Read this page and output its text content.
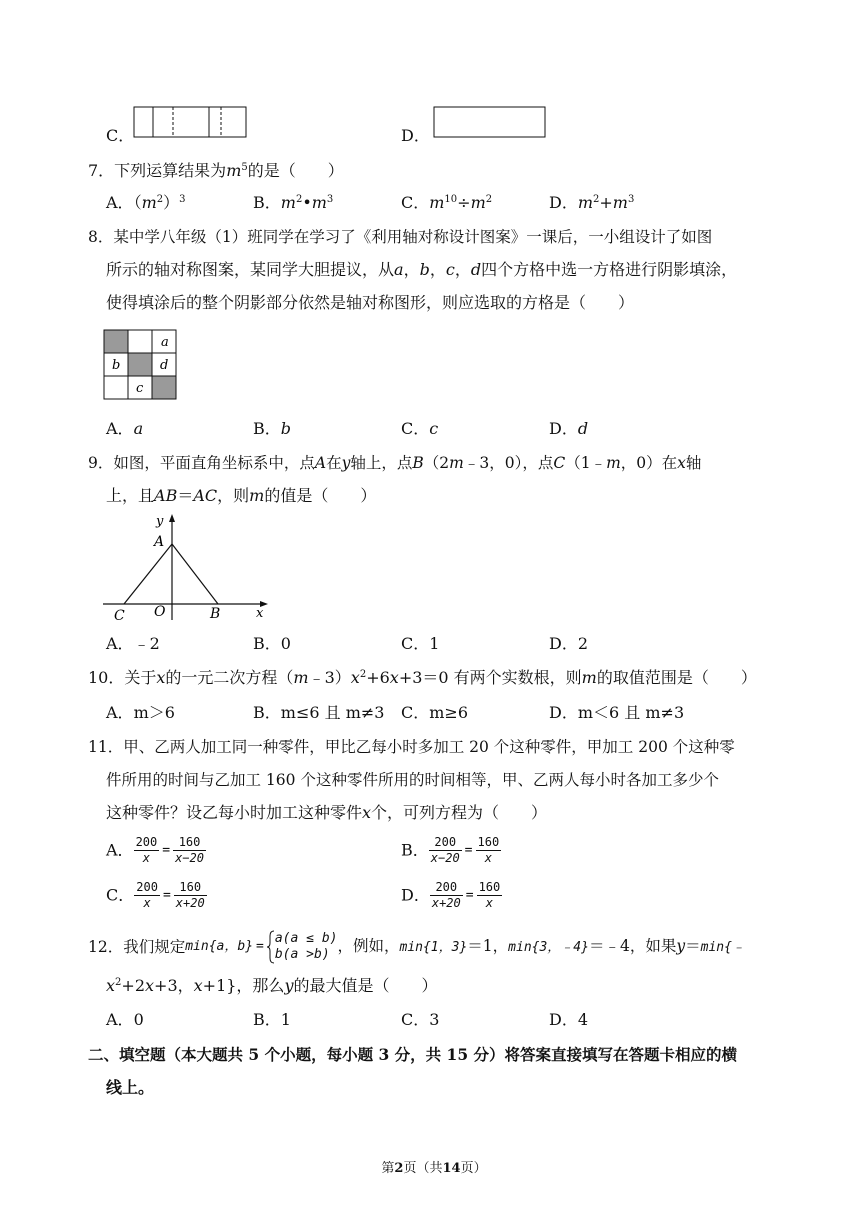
C．	D．
7．下列运算结果为$m^5$的是（　　）
A．$(m^2)^3$	B．$m^2•m^3$	C．$m^{10}\div m^2$	D．$m^2+m^3$
8．某中学八年级（1）班同学在学习了《利用轴对称设计图案》一课后，一小组设计了如图
所示的轴对称图案，某同学大胆提议，从a，b，c，d四个方格中选一方格进行阴影填涂，
使得填涂后的整个阴影部分依然是轴对称图形，则应选取的方格是（　　）
a
b	d
c
A．a	B．b	C．c	D．d
9．如图，平面直角坐标系中，点A在y轴上，点B（2m﹣3，0），点C（1﹣m，0）在x轴
上，且AB＝AC，则m的值是（　　）
y
A
C O	B	x
A．﹣2	B．0	C．1	D．2
10．关于x的一元二次方程$(m﹣3)x^2+6x+3=0$ 有两个实数根，则m的取值范围是（　　）
A．m＞6	B．m≤6 且 m≠3 C．m≥6	D．m＜6 且 m≠3
11．甲、乙两人加工同一种零件，甲比乙每小时多加工 20 个这种零件，甲加工 200 个这种零
件所用的时间与乙加工 160 个这种零件所用的时间相等，甲、乙两人每小时各加工多少个
这种零件？设乙每小时加工这种零件x个，可列方程为（　　）
A． $\frac{200}{x} = \frac{160}{x-20}$	B． $\frac{200}{x-20} = \frac{160}{x}$
C． $\frac{200}{x} = \frac{160}{x+20}$	D． $\frac{200}{x+20} = \frac{160}{x}$
12．我们规定min{a，b} =
a(a ≤ b)
b(a >b) ，例如，min{1，3}＝1，min{3，﹣4}＝﹣4，如果y＝min{﹣
$x^2+2x+3$，x+1}，那么y的最大值是（　　）
A．0	B．1	C．3	D．4
二、填空题（本大题共 5 个小题，每小题 3 分，共 15 分）将答案直接填写在答题卡相应的横
线上。
第2页（共14页）
